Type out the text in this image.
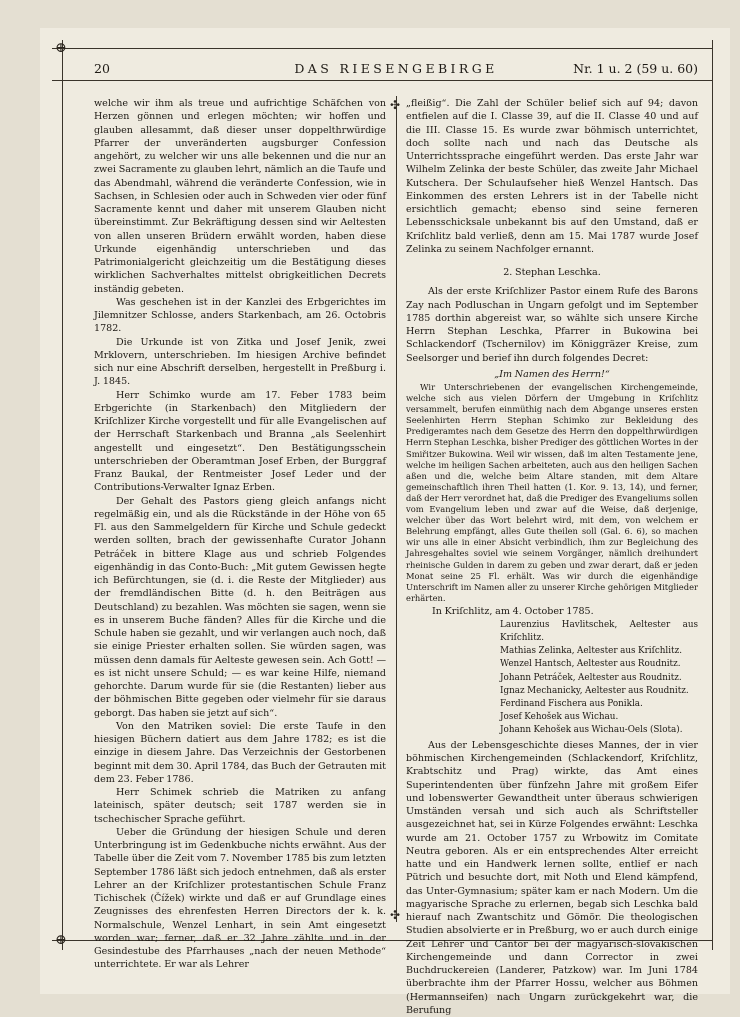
⊕
⊕
✣
✣
20	DAS RIESENGEBIRGE	Nr. 1 u. 2 (59 u. 60)

welche wir ihm als treue und aufrichtige Schäfchen von Herzen gönnen und erlegen möchten; wir hoffen und glauben allesammt, daß dieser unser doppelthrwürdige Pfarrer der unveränderten augsburger Confession angehört, zu welcher wir uns alle bekennen und die nur an zwei Sacramente zu glauben lehrt, nämlich an die Taufe und das Abendmahl, während die veränderte Confession, wie in Sachsen, in Schlesien oder auch in Schweden vier oder fünf Sacramente kennt und daher mit unserem Glauben nicht übereinstimmt. Zur Bekräftigung dessen sind wir Aeltesten von allen unseren Brüdern erwählt worden, haben diese Urkunde eigenhändig unterschrieben und das Patrimonialgericht gleichzeitig um die Bestätigung dieses wirklichen Sachverhaltes mittelst obrigkeitlichen Decrets inständig gebeten.

Was geschehen ist in der Kanzlei des Erbgerichtes im Jilemnitzer Schlosse, anders Starkenbach, am 26. Octobris 1782.

Die Urkunde ist von Zitka und Josef Jenik, zwei Mrklovern, unterschrieben. Im hiesigen Archive befindet sich nur eine Abschrift derselben, hergestellt in Preßburg i. J. 1845.

Herr Schimko wurde am 17. Feber 1783 beim Erbgerichte (in Starkenbach) den Mitgliedern der Kriſchlizer Kirche vorgestellt und für alle Evangelischen auf der Herrschaft Starkenbach und Branna „als Seelenhirt angestellt und eingesetzt“. Den Bestätigungsschein unterschrieben der Oberamtman Josef Erben, der Burggraf Franz Baukal, der Rentmeister Josef Leder und der Contributions-Verwalter Ignaz Erben.

Der Gehalt des Pastors gieng gleich anfangs nicht regelmäßig ein, und als die Rückstände in der Höhe von 65 Fl. aus den Sammelgeldern für Kirche und Schule gedeckt werden sollten, brach der gewissenhafte Curator Johann Petráček in bittere Klage aus und schrieb Folgendes eigenhändig in das Conto-Buch: „Mit gutem Gewissen hegte ich Befürchtungen, sie (d. i. die Reste der Mitglieder) aus der fremdländischen Bitte (d. h. den Beiträgen aus Deutschland) zu bezahlen. Was möchten sie sagen, wenn sie es in unserem Buche fänden? Alles für die Kirche und die Schule haben sie gezahlt, und wir verlangen auch noch, daß sie einige Priester erhalten sollen. Sie würden sagen, was müssen denn damals für Aelteste gewesen sein. Ach Gott! — es ist nicht unsere Schuld; — es war keine Hilfe, niemand gehorchte. Darum wurde für sie (die Restanten) lieber aus der böhmischen Bitte gegeben oder vielmehr für sie daraus geborgt. Das haben sie jetzt auf sich“.

Von den Matriken soviel: Die erste Taufe in den hiesigen Büchern datiert aus dem Jahre 1782; es ist die einzige in diesem Jahre. Das Verzeichnis der Gestorbenen beginnt mit dem 30. April 1784, das Buch der Getrauten mit dem 23. Feber 1786.

Herr Schimek schrieb die Matriken zu anfang lateinisch, später deutsch; seit 1787 werden sie in tschechischer Sprache geführt.

Ueber die Gründung der hiesigen Schule und deren Unterbringung ist im Gedenkbuche nichts erwähnt. Aus der Tabelle über die Zeit vom 7. November 1785 bis zum letzten September 1786 läßt sich jedoch entnehmen, daß als erster Lehrer an der Kriſchlizer protestantischen Schule Franz Tichischek (Čížek) wirkte und daß er auf Grundlage eines Zeugnisses des ehrenfesten Herren Directors der k. k. Normalschule, Wenzel Lenhart, in sein Amt eingesetzt worden war; ferner, daß er 32 Jahre zählte und in der Gesindestube des Pfarrhauses „nach der neuen Methode“ unterrichtete. Er war als Lehrer

„fleißig“. Die Zahl der Schüler belief sich auf 94; davon entfielen auf die I. Classe 39, auf die II. Classe 40 und auf die III. Classe 15. Es wurde zwar böhmisch unterrichtet, doch sollte nach und nach das Deutsche als Unterrichtssprache eingeführt werden. Das erste Jahr war Wilhelm Zelinka der beste Schüler, das zweite Jahr Michael Kutschera. Der Schulaufseher hieß Wenzel Hantsch. Das Einkommen des ersten Lehrers ist in der Tabelle nicht ersichtlich gemacht; ebenso sind seine ferneren Lebensschicksale unbekannt bis auf den Umstand, daß er Kriſchlitz bald verließ, denn am 15. Mai 1787 wurde Josef Zelinka zu seinem Nachfolger ernannt.

2. Stephan Leschka.

Als der erste Kriſchlizer Pastor einem Rufe des Barons Zay nach Podluschan in Ungarn gefolgt und im September 1785 dorthin abgereist war, so wählte sich unsere Kirche Herrn Stephan Leschka, Pfarrer in Bukowina bei Schlackendorf (Tschernilov) im Königgräzer Kreise, zum Seelsorger und berief ihn durch folgendes Decret:

„Im Namen des Herrn!“

Wir Unterschriebenen der evangelischen Kirchengemeinde, welche sich aus vielen Dörfern der Umgebung in Kriſchlitz versammelt, berufen einmüthig nach dem Abgange unseres ersten Seelenhirten Herrn Stephan Schimko zur Bekleidung des Predigeramtes nach dem Gesetze des Herrn den doppelthrwürdigen Herrn Stephan Leschka, bisher Prediger des göttlichen Wortes in der Smiřitzer Bukowina. Weil wir wissen, daß im alten Testamente jene, welche im heiligen Sachen arbeiteten, auch aus den heiligen Sachen aßen und die, welche beim Altare standen, mit dem Altare gemeinschaftlich ihren Theil hatten (1. Kor. 9. 13, 14), und ferner, daß der Herr verordnet hat, daß die Prediger des Evangeliums sollen vom Evangelium leben und zwar auf die Weise, daß derjenige, welcher über das Wort belehrt wird, mit dem, von welchem er Belehrung empfängt, alles Gute theilen soll (Gal. 6. 6), so machen wir uns alle in einer Absicht verbindlich, ihm zur Begleichung des Jahresgehaltes soviel wie seinem Vorgänger, nämlich dreihundert rheinische Gulden in darem zu geben und zwar derart, daß er jeden Monat seine 25 Fl. erhält. Was wir durch die eigenhändige Unterschrift im Namen aller zu unserer Kirche gehörigen Mitglieder erhärten.

In Kriſchlitz, am 4. October 1785.

Laurenzius Havlitschek, Aeltester aus Kriſchlitz.

Mathias Zelinka, Aeltester aus Kriſchlitz.

Wenzel Hantsch, Aeltester aus Roudnitz.

Johann Petráček, Aeltester aus Roudnitz.

Ignaz Mechanicky, Aeltester aus Roudnitz.

Ferdinand Fischera aus Ponikla.

Josef Kehošek aus Wichau.

Johann Kehošek aus Wichau-Oels (Slota).

Aus der Lebensgeschichte dieses Mannes, der in vier böhmischen Kirchengemeinden (Schlackendorf, Kriſchlitz, Krabtschitz und Prag) wirkte, das Amt eines Superintendenten über fünfzehn Jahre mit großem Eifer und lobenswerter Gewandtheit unter überaus schwierigen Umständen versah und sich auch als Schriftsteller ausgezeichnet hat, sei in Kürze Folgendes erwähnt: Leschka wurde am 21. October 1757 zu Wrbowitz im Comitate Neutra geboren. Als er ein entsprechendes Alter erreicht hatte und ein Handwerk lernen sollte, entlief er nach Pütrich und besuchte dort, mit Noth und Elend kämpfend, das Unter-Gymnasium; später kam er nach Modern. Um die magyarische Sprache zu erlernen, begab sich Leschka bald hierauf nach Zwantschitz und Gömör. Die theologischen Studien absolvierte er in Preßburg, wo er auch durch einige Zeit Lehrer und Cantor bei der magyarisch-slovakischen Kirchengemeinde und dann Corrector in zwei Buchdruckereien (Landerer, Patzkow) war. Im Juni 1784 überbrachte ihm der Pfarrer Hossu, welcher aus Böhmen (Hermannseifen) nach Ungarn zurückgekehrt war, die Berufung
